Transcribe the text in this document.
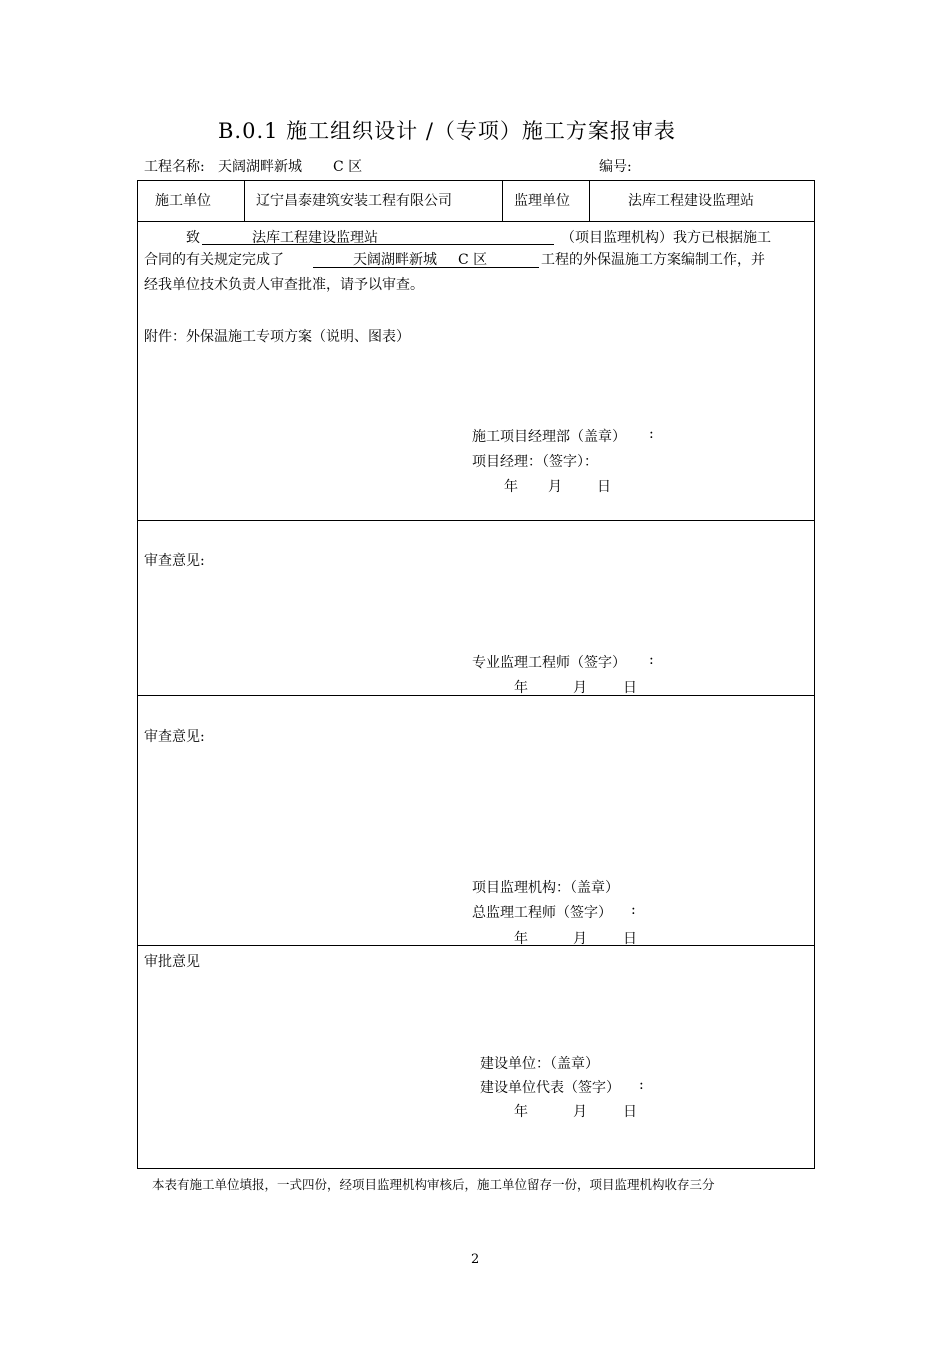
B.0.1 施工组织设计 /（专项）施工方案报审表
工程名称: 天阔湖畔新城 C 区	编号:
施工单位	辽宁昌泰建筑安装工程有限公司	监理单位	法库工程建设监理站
致	法库工程建设监理站	（项目监理机构）我方已根据施工
合同的有关规定完成了	天阔湖畔新城 C 区	工程的外保温施工方案编制工作，并
经我单位技术负责人审查批准，请予以审查。
附件：外保温施工专项方案（说明、图表）
施工项目经理部（盖章） :
项目经理：（签字）：
年 月	日
审查意见:
专业监理工程师（签字） :
年	月	日
审查意见:
项目监理机构：（盖章）
总监理工程师（签字） :
年	月	日
审批意见
建设单位：（盖章）
建设单位代表（签字） :
年	月	日
本表有施工单位填报，一式四份，经项目监理机构审核后，施工单位留存一份，项目监理机构收存三分
2
